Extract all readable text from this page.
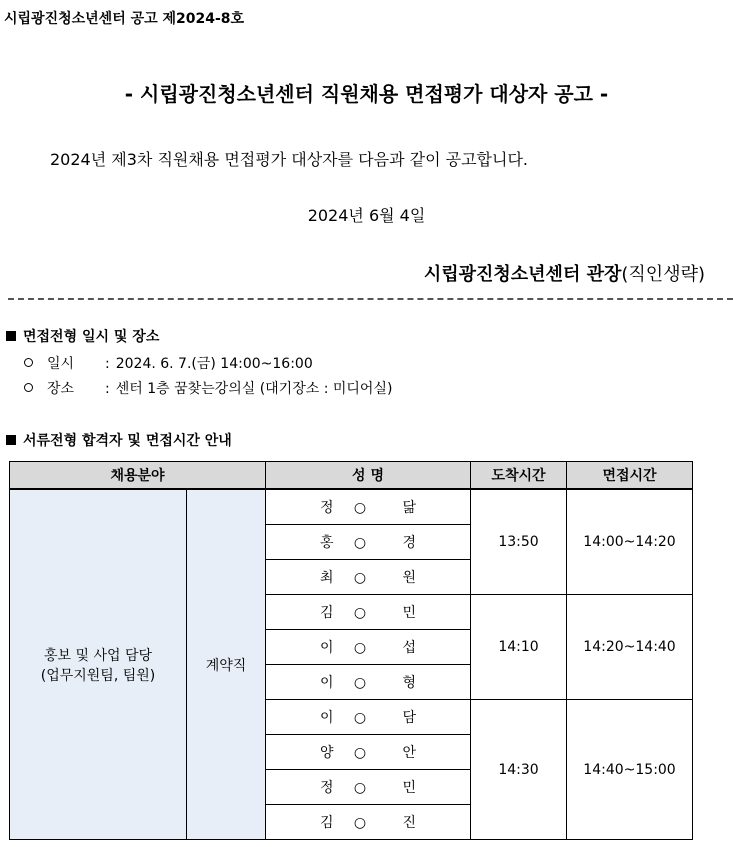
시립광진청소년센터 공고 제2024-8호
- 시립광진청소년센터 직원채용 면접평가 대상자 공고 -
2024년 제3차 직원채용 면접평가 대상자를 다음과 같이 공고합니다.
2024년 6월 4일
시립광진청소년센터 관장(직인생략)
면접전형 일시 및 장소
일시 : 2024. 6. 7.(금) 14:00~16:00
장소 : 센터 1층 꿈찾는강의실 (대기장소 : 미디어실)
서류전형 합격자 및 면접시간 안내
채용분야		성 명	도착시간	면접시간

홍보 및 사업 담당
(업무지원팀, 팀원)	계약직	정 ○ 닮	13:50	14:00~14:20
		홍 ○ 경		
		최 ○ 원		
		김 ○ 민	14:10	14:20~14:40
		이 ○ 섭		
		이 ○ 형		
		이 ○ 담	14:30	14:40~15:00
		양 ○ 안		
		정 ○ 민		
		김 ○ 진		
